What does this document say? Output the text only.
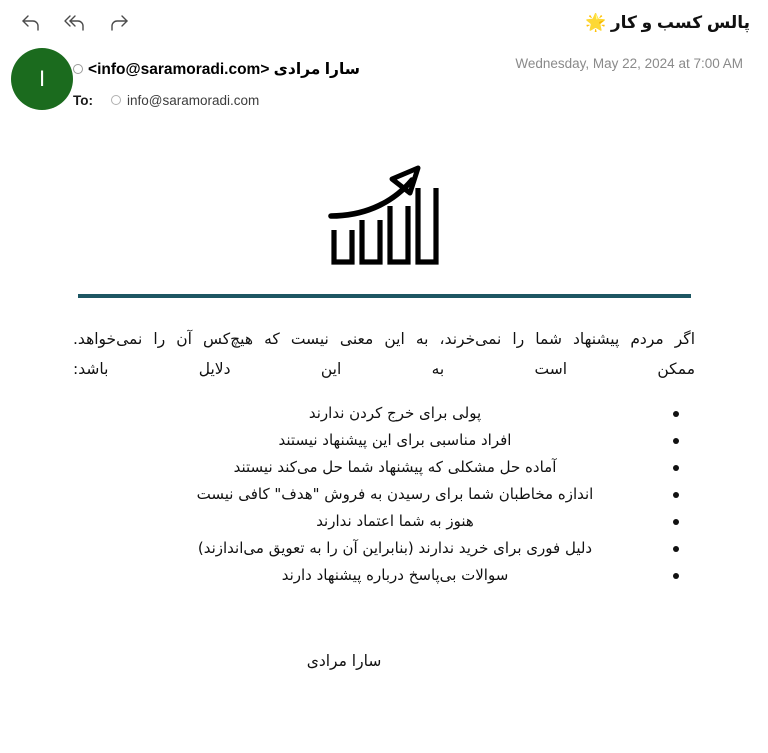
پالس کسب و کار 🌟
I	سارا مرادی <info@saramoradi.com>
To:	info@saramoradi.com
Wednesday, May 22, 2024 at 7:00 AM

اگر مردم پیشنهاد شما را نمی‌خرند، به این معنی نیست که هیچ‌کس آن را نمی‌خواهد.

ممکن است به این دلایل باشد:

پولی برای خرج کردن ندارند
افراد مناسبی برای این پیشنهاد نیستند
آماده حل مشکلی که پیشنهاد شما حل می‌کند نیستند
اندازه مخاطبان شما برای رسیدن به فروش "هدف" کافی نیست
هنوز به شما اعتماد ندارند
دلیل فوری برای خرید ندارند (بنابراین آن را به تعویق می‌اندازند)
سوالات بی‌پاسخ درباره پیشنهاد دارند
سارا مرادی
